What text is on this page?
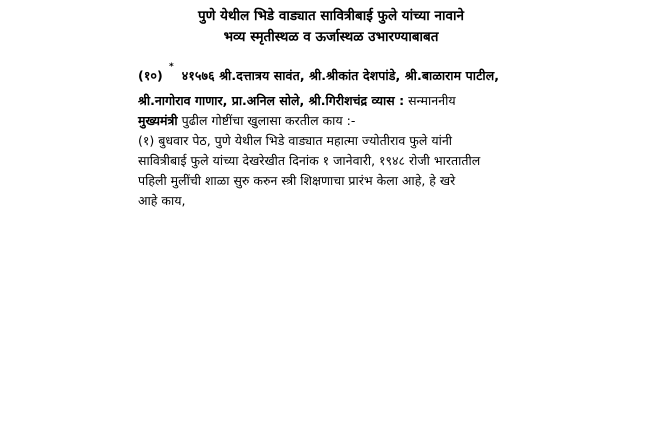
पुणे येथील भिडे वाड्यात सावित्रीबाई फुले यांच्या नावाने
भव्य स्मृतीस्थळ व ऊर्जास्थळ उभारण्याबाबत
*
(१०) ४१५७६ श्री.दत्तात्रय सावंत, श्री.श्रीकांत देशपांडे, श्री.बाळाराम पाटील,
श्री.नागोराव गाणार, प्रा.अनिल सोले, श्री.गिरीशचंद्र व्यास : सन्माननीय
मुख्यमंत्री पुढील गोष्टींचा खुलासा करतील काय :-
(१) बुधवार पेठ, पुणे येथील भिडे वाड्यात महात्मा ज्योतीराव फुले यांनी
सावित्रीबाई फुले यांच्या देखरेखीत दिनांक १ जानेवारी, १९४८ रोजी भारतातील
पहिली मुलींची शाळा सुरु करुन स्त्री शिक्षणाचा प्रारंभ केला आहे, हे खरे
आहे काय,
